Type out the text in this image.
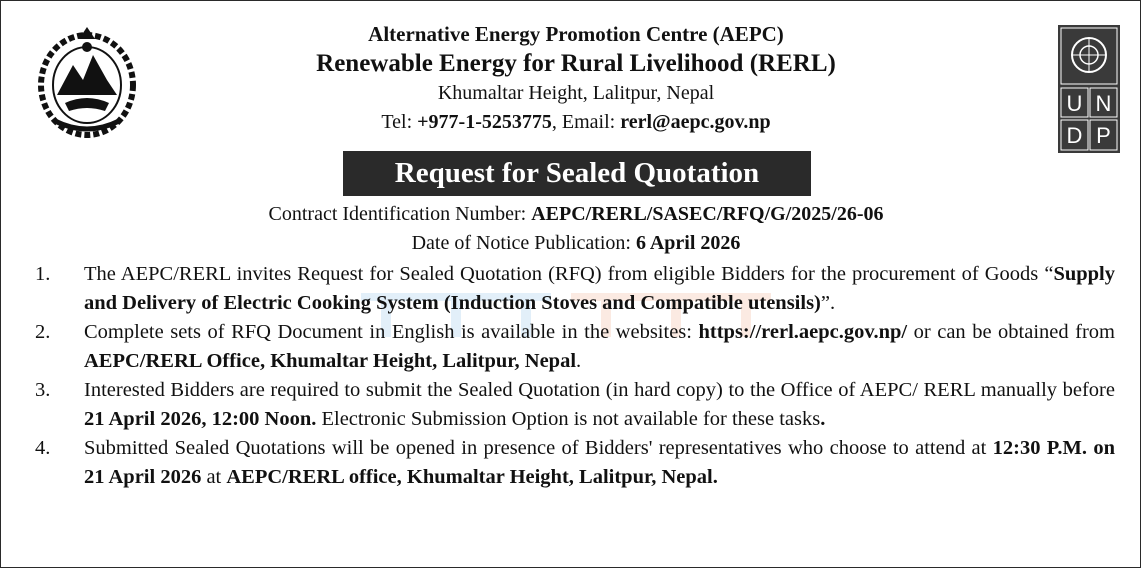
U N
D P
Alternative Energy Promotion Centre (AEPC)
Renewable Energy for Rural Livelihood (RERL)
Khumaltar Height, Lalitpur, Nepal
Tel: +977-1-5253775, Email: rerl@aepc.gov.np
Request for Sealed Quotation
Contract Identification Number: AEPC/RERL/SASEC/RFQ/G/2025/26-06
Date of Notice Publication: 6 April 2026
1.	The AEPC/RERL invites Request for Sealed Quotation (RFQ) from eligible Bidders for the procurement of Goods “Supply and Delivery of Electric Cooking System (Induction Stoves and Compatible utensils)”.
2.	Complete sets of RFQ Document in English is available in the websites: https://rerl.aepc.gov.np/ or can be obtained from AEPC/RERL Office, Khumaltar Height, Lalitpur, Nepal.
3.	Interested Bidders are required to submit the Sealed Quotation (in hard copy) to the Office of AEPC/ RERL manually before 21 April 2026, 12:00 Noon. Electronic Submission Option is not available for these tasks.
4.	Submitted Sealed Quotations will be opened in presence of Bidders' representatives who choose to attend at 12:30 P.M. on 21 April 2026 at AEPC/RERL office, Khumaltar Height, Lalitpur, Nepal.
